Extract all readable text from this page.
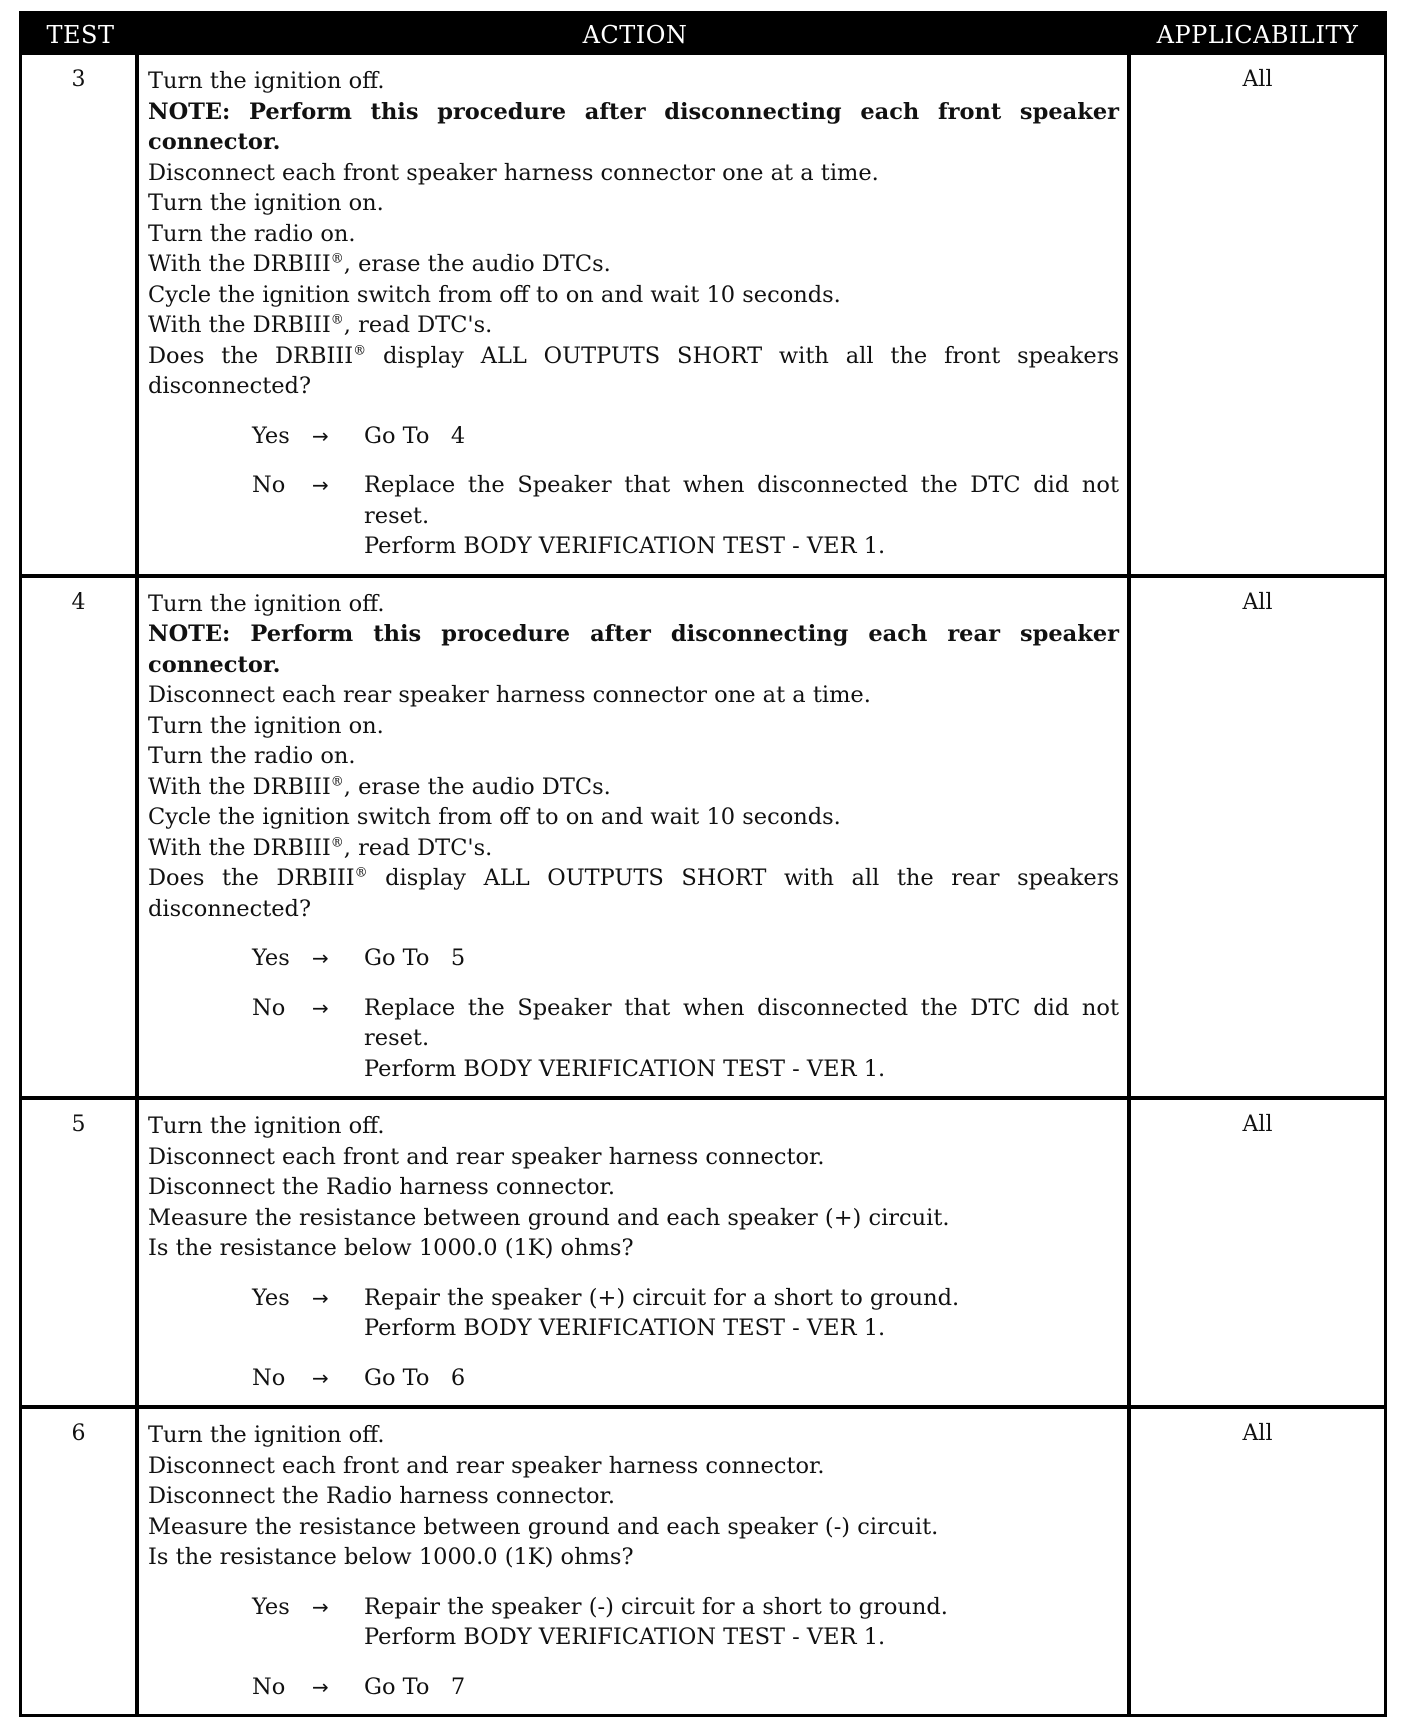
TEST	ACTION	APPLICABILITY
3	Turn the ignition off.
NOTE: Perform this procedure after disconnecting each front speaker connector.
Disconnect each front speaker harness connector one at a time.
Turn the ignition on.
Turn the radio on.
With the DRBIII®, erase the audio DTCs.
Cycle the ignition switch from off to on and wait 10 seconds.
With the DRBIII®, read DTC's.
Does the DRBIII® display ALL OUTPUTS SHORT with all the front speakers disconnected?
Yes	→	Go To   4
No	→	Replace the Speaker that when disconnected the DTC did not reset.
Perform BODY VERIFICATION TEST - VER 1.
All
4	Turn the ignition off.
NOTE: Perform this procedure after disconnecting each rear speaker connector.
Disconnect each rear speaker harness connector one at a time.
Turn the ignition on.
Turn the radio on.
With the DRBIII®, erase the audio DTCs.
Cycle the ignition switch from off to on and wait 10 seconds.
With the DRBIII®, read DTC's.
Does the DRBIII® display ALL OUTPUTS SHORT with all the rear speakers disconnected?
Yes	→	Go To   5
No	→	Replace the Speaker that when disconnected the DTC did not reset.
Perform BODY VERIFICATION TEST - VER 1.
All
5	Turn the ignition off.
Disconnect each front and rear speaker harness connector.
Disconnect the Radio harness connector.
Measure the resistance between ground and each speaker (+) circuit.
Is the resistance below 1000.0 (1K) ohms?
Yes	→	Repair the speaker (+) circuit for a short to ground.
Perform BODY VERIFICATION TEST - VER 1.
No	→	Go To   6
All
6	Turn the ignition off.
Disconnect each front and rear speaker harness connector.
Disconnect the Radio harness connector.
Measure the resistance between ground and each speaker (-) circuit.
Is the resistance below 1000.0 (1K) ohms?
Yes	→	Repair the speaker (-) circuit for a short to ground.
Perform BODY VERIFICATION TEST - VER 1.
No	→	Go To   7
All
